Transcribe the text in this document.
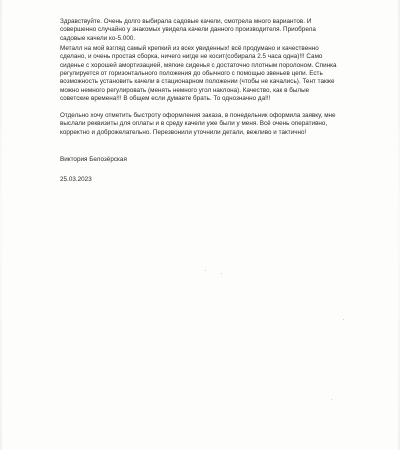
Здравствуйте. Очень долго выбирала садовые качели, смотрела много вариантов. И
совершенно случайно у знакомых увидела качели данного производителя. Приобрела
садовые качели ко-5.000.
Металл на мой взгляд самый крепкий из всех увиденных! всё продумано и качественно
сделано, и очень простая сборка, ничего нигде не косит(собирала 2.5 часа одна)!!! Само
сиденье с хорошей амортизацией, мягкие сиденья с достаточно плотным поролоном. Спинка
регулируется от горизонтального положения до обычного с помощью звеньев цепи. Есть
возможность установить качели в стационарном положении (чтобы не качались). Тент также
можно немного регулировать (менять немного угол наклона). Качество, как в былые
советские времена!!! В общем если думаете брать. То однозначно да!!!
Отдельно хочу отметить быстроту оформления заказа, в понедельник оформила заявку, мне
выслали реквизиты для оплаты и в среду качели уже были у меня. Всё очень оперативно,
корректно и доброжелательно. Перезвонили уточнили детали, вежливо и тактично!
Виктория Белозёрская
25.03.2023
